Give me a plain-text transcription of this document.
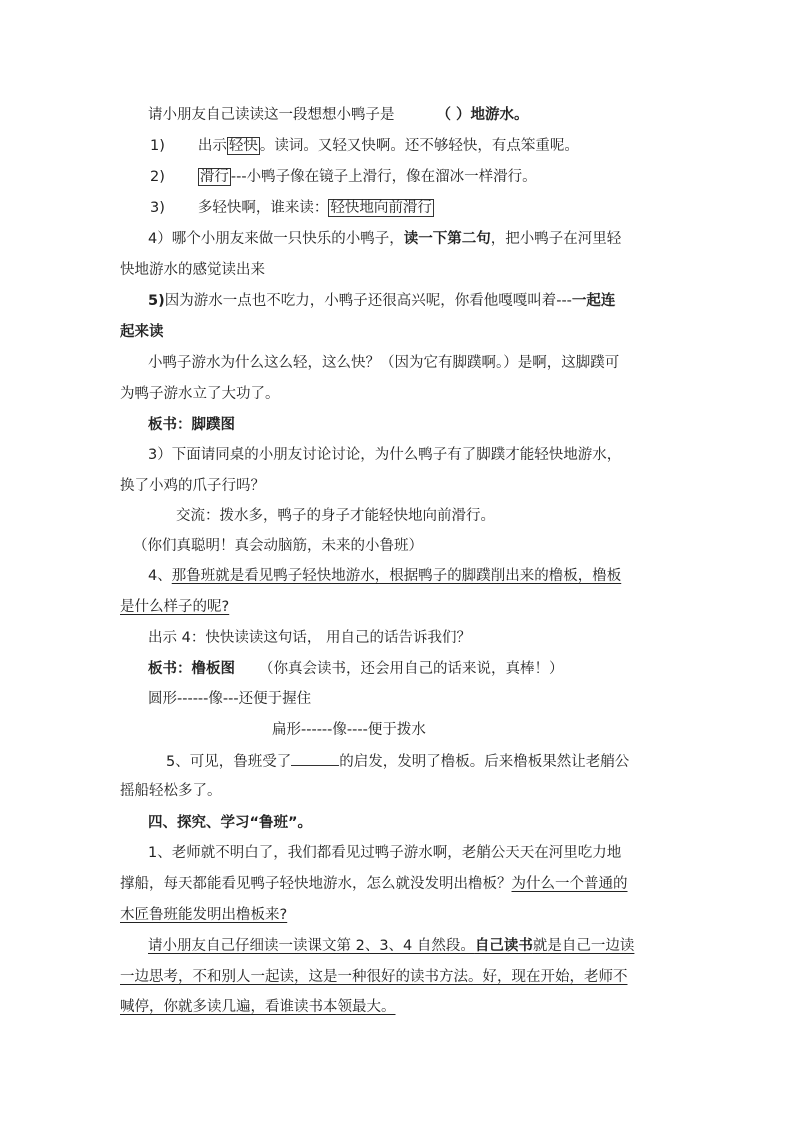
请小朋友自己读读这一段想想小鸭子是	（ ）地游水。
1) 出示 轻快 。读词。又轻又快啊。还不够轻快，有点笨重呢。
2) 滑行 ---小鸭子像在镜子上滑行，像在溜冰一样滑行。
3) 多轻快啊，谁来读： 轻快地向前滑行
4）哪个小朋友来做一只快乐的小鸭子，读一下第二句，把小鸭子在河里轻
快地游水的感觉读出来
5)因为游水一点也不吃力，小鸭子还很高兴呢，你看他嘎嘎叫着---一起连
起来读
小鸭子游水为什么这么轻，这么快？（因为它有脚蹼啊。）是啊，这脚蹼可
为鸭子游水立了大功了。
板书：脚蹼图
3）下面请同桌的小朋友讨论讨论，为什么鸭子有了脚蹼才能轻快地游水，
换了小鸡的爪子行吗？
交流：拨水多，鸭子的身子才能轻快地向前滑行。
（你们真聪明！真会动脑筋，未来的小鲁班）
4、那鲁班就是看见鸭子轻快地游水，根据鸭子的脚蹼削出来的橹板，橹板
是什么样子的呢?
出示 4：快快读读这句话， 用自己的话告诉我们？
板书：橹板图 （你真会读书，还会用自己的话来说，真棒！）
圆形------像---还便于握住
扁形------像----便于拨水
5、可见，鲁班受了	的启发，发明了橹板。后来橹板果然让老艄公
摇船轻松多了。
四、探究、学习“鲁班”。
1、老师就不明白了，我们都看见过鸭子游水啊，老艄公天天在河里吃力地
撑船，每天都能看见鸭子轻快地游水，怎么就没发明出橹板？为什么一个普通的
木匠鲁班能发明出橹板来?
请小朋友自己仔细读一读课文第 2、3、4 自然段。自己读书就是自己一边读
一边思考，不和别人一起读，这是一种很好的读书方法。好，现在开始，老师不
喊停，你就多读几遍，看谁读书本领最大。
